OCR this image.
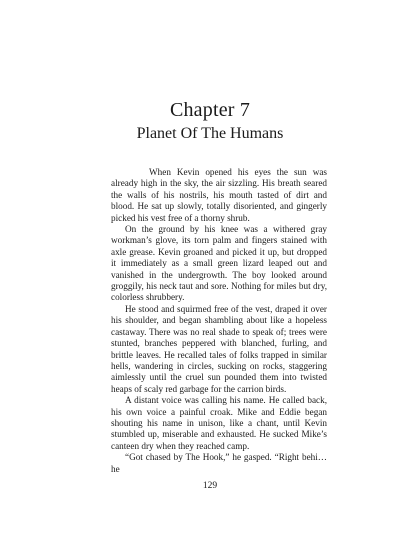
Chapter 7
Planet Of The Humans

When Kevin opened his eyes the sun was already high in the sky, the air sizzling. His breath seared the walls of his nostrils, his mouth tasted of dirt and blood. He sat up slowly, totally disoriented, and gingerly picked his vest free of a thorny shrub.

On the ground by his knee was a withered gray workman’s glove, its torn palm and fingers stained with axle grease. Kevin groaned and picked it up, but dropped it immediately as a small green lizard leaped out and vanished in the undergrowth. The boy looked around groggily, his neck taut and sore. Nothing for miles but dry, colorless shrubbery.

He stood and squirmed free of the vest, draped it over his shoulder, and began shambling about like a hopeless castaway. There was no real shade to speak of; trees were stunted, branches peppered with blanched, furling, and brittle leaves. He recalled tales of folks trapped in similar hells, wandering in circles, sucking on rocks, staggering aimlessly until the cruel sun pounded them into twisted heaps of scaly red garbage for the carrion birds.

A distant voice was calling his name. He called back, his own voice a painful croak. Mike and Eddie began shouting his name in unison, like a chant, until Kevin stumbled up, miserable and exhausted. He sucked Mike’s canteen dry when they reached camp.

“Got chased by The Hook,” he gasped. “Right behi…he

129
